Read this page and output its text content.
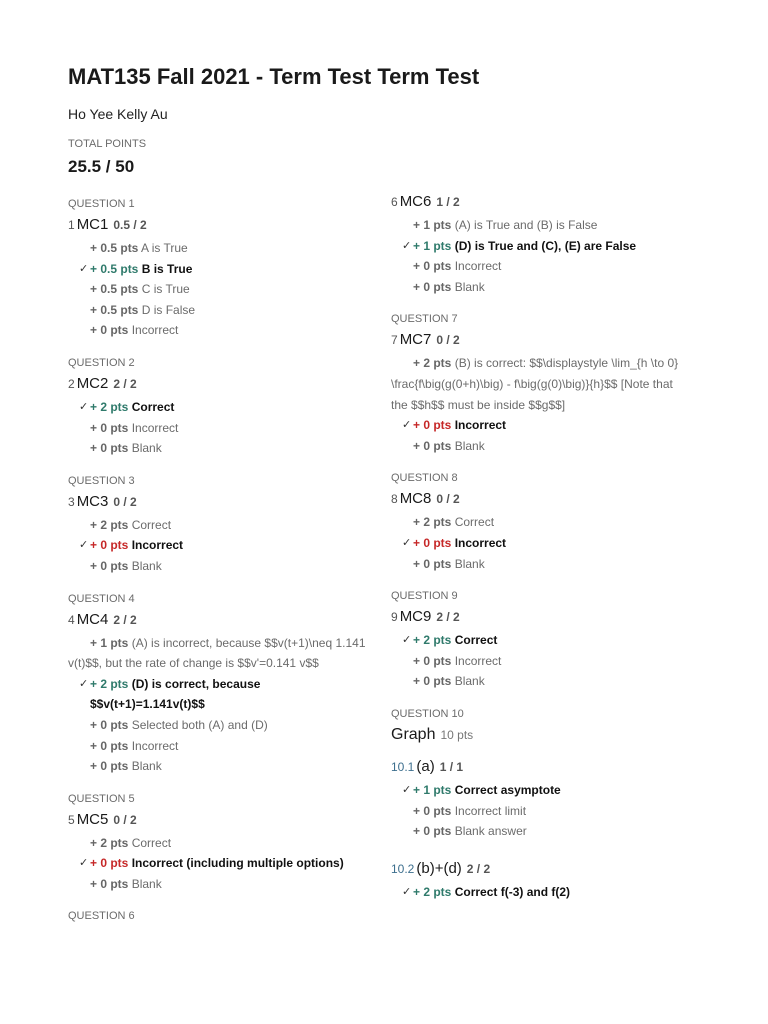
MAT135 Fall 2021 - Term Test Term Test
Ho Yee Kelly Au
TOTAL POINTS
25.5 / 50
QUESTION 1
1 MC1 0.5 / 2
+ 0.5 pts A is True
✓ + 0.5 pts B is True
+ 0.5 pts C is True
+ 0.5 pts D is False
+ 0 pts Incorrect
QUESTION 2
2 MC2 2 / 2
✓ + 2 pts Correct
+ 0 pts Incorrect
+ 0 pts Blank
QUESTION 3
3 MC3 0 / 2
+ 2 pts Correct
✓ + 0 pts Incorrect
+ 0 pts Blank
QUESTION 4
4 MC4 2 / 2
+ 1 pts (A) is incorrect, because $$v(t+1)\neq 1.141 v(t)$$, but the rate of change is $$v'=0.141 v$$
✓ + 2 pts (D) is correct, because $$v(t+1)=1.141v(t)$$
+ 0 pts Selected both (A) and (D)
+ 0 pts Incorrect
+ 0 pts Blank
QUESTION 5
5 MC5 0 / 2
+ 2 pts Correct
✓ + 0 pts Incorrect (including multiple options)
+ 0 pts Blank
QUESTION 6
6 MC6 1 / 2
+ 1 pts (A) is True and (B) is False
✓ + 1 pts (D) is True and (C), (E) are False
+ 0 pts Incorrect
+ 0 pts Blank
QUESTION 7
7 MC7 0 / 2
+ 2 pts (B) is correct: $$\displaystyle \lim_{h \to 0} \frac{f\big(g(0+h)\big) - f\big(g(0)\big)}{h}$$ [Note that the $$h$$ must be inside $$g$$]
✓ + 0 pts Incorrect
+ 0 pts Blank
QUESTION 8
8 MC8 0 / 2
+ 2 pts Correct
✓ + 0 pts Incorrect
+ 0 pts Blank
QUESTION 9
9 MC9 2 / 2
✓ + 2 pts Correct
+ 0 pts Incorrect
+ 0 pts Blank
QUESTION 10
Graph 10 pts
10.1 (a) 1 / 1
✓ + 1 pts Correct asymptote
+ 0 pts Incorrect limit
+ 0 pts Blank answer
10.2 (b)+(d) 2 / 2
✓ + 2 pts Correct f(-3) and f(2)
